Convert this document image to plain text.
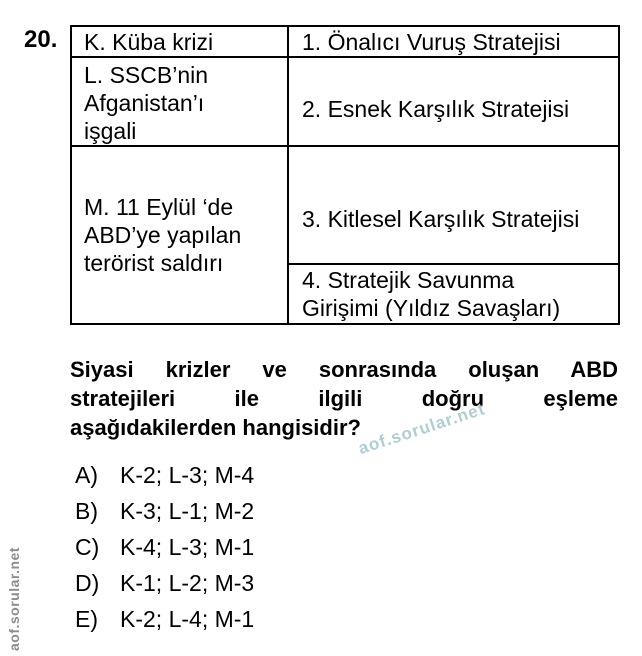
20. K. Küba krizi	1. Önalıcı Vuruş Stratejisi

L. SSCB’nin
Afganistan’ı
işgali	2. Esnek Karşılık Stratejisi

M. 11 Eylül ‘de
ABD’ye yapılan
terörist saldırı	3. Kitlesel Karşılık Stratejisi

	4. Stratejik Savunma
Girişimi (Yıldız Savaşları)
Siyasi krizler ve sonrasında oluşan ABD
stratejileri ile ilgili doğru eşleme
aşağıdakilerden hangisidir?
A) K-2; L-3; M-4
B) K-3; L-1; M-2
C) K-4; L-3; M-1
D) K-1; L-2; M-3
E) K-2; L-4; M-1
aof.sorular.net
aof.sorular.net
